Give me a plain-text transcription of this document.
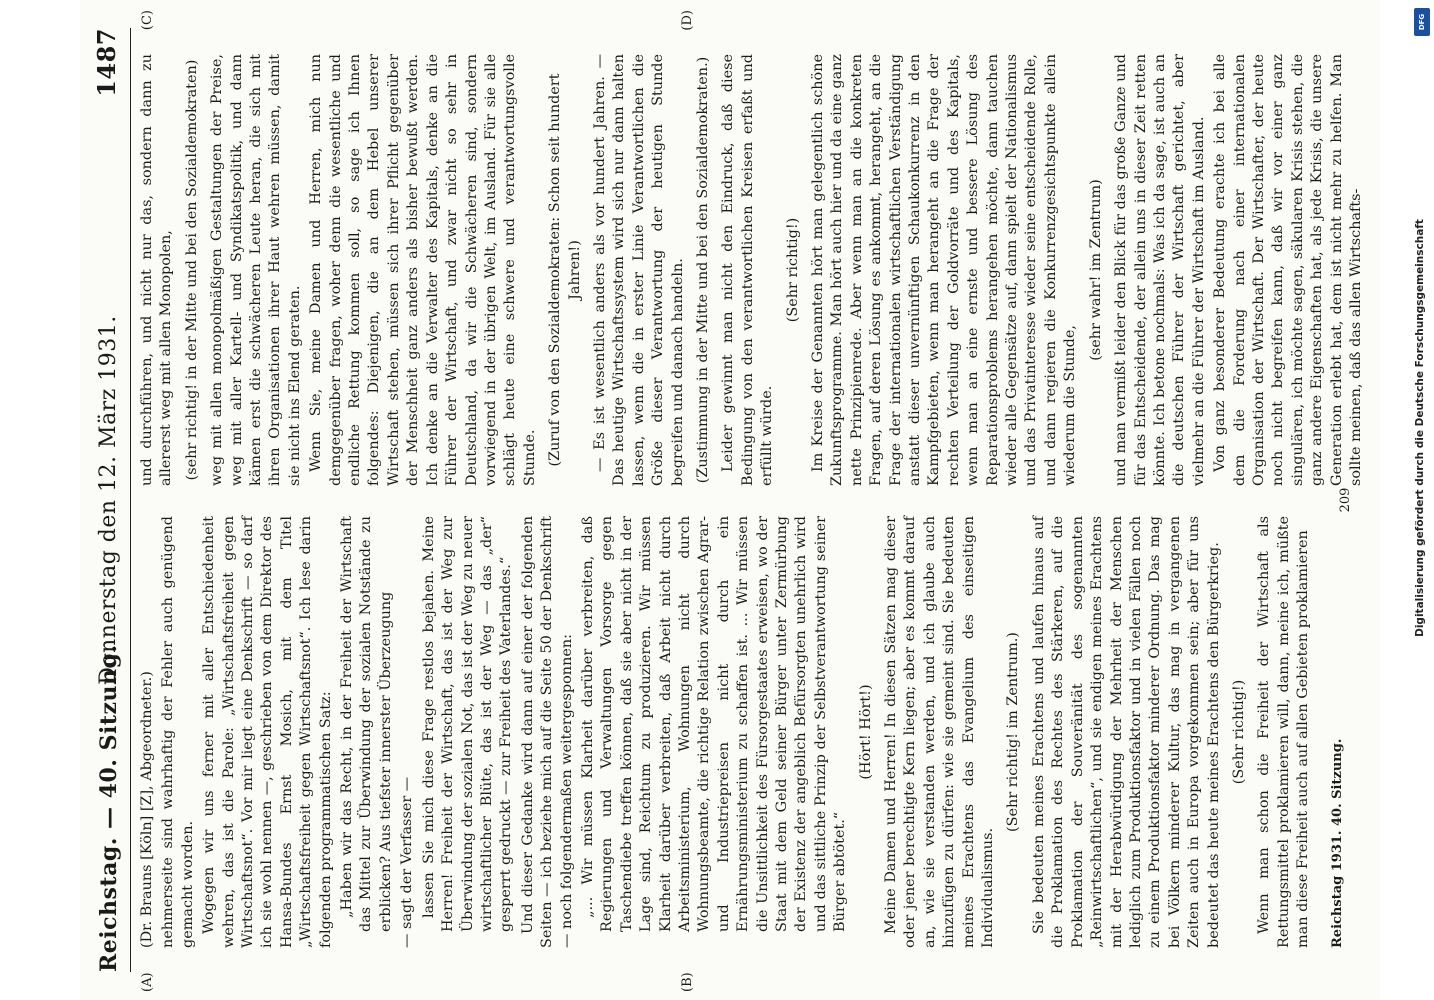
Reichstag. — 40. Sitzung.
Donnerstag den 12. März 1931.
1487
(A)	(B)
(C)	(D)

(Dr. Brauns [Köln] [Z], Abgeordneter.) nehmerseite sind wahrhaftig der Fehler auch genügend gemacht worden. Wogegen wir uns ferner mit aller Entschiedenheit wehren, das ist die Parole: „Wirtschaftsfreiheit gegen Wirtschaftsnot“. Vor mir liegt eine Denkschrift — so darf ich sie wohl nennen —, geschrieben von dem Direktor des Hansa-Bundes Ernst Mosich, mit dem Titel „Wirtschaftsfreiheit gegen Wirtschaftsnot“. Ich lese darin folgenden programmatischen Satz: „Haben wir das Recht, in der Freiheit der Wirtschaft das Mittel zur Überwindung der sozialen Notstände zu erblicken? Aus tiefster innerster Überzeugung — sagt der Verfasser — lassen Sie mich diese Frage restlos bejahen. Meine Herren! Freiheit der Wirtschaft, das ist der Weg zur Überwindung der sozialen Not, das ist der Weg zu neuer wirtschaftlicher Blüte, das ist der Weg — das „der“ gesperrt gedruckt — zur Freiheit des Vaterlandes.“ Und dieser Gedanke wird dann auf einer der folgenden Seiten — ich beziehe mich auf die Seite 50 der Denkschrift — noch folgendermaßen weitergesponnen: „... Wir müssen Klarheit darüber verbreiten, daß Regierungen und Verwaltungen Vorsorge gegen Taschendiebe treffen können, daß sie aber nicht in der Lage sind, Reichtum zu produzieren. Wir müssen Klarheit darüber verbreiten, daß Arbeit nicht durch Arbeitsministerium, Wohnungen nicht durch Wohnungsbeamte, die richtige Relation zwischen Agrar- und Industriepreisen nicht durch ein Ernährungsministerium zu schaffen ist. ... Wir müssen die Unsittlichkeit des Fürsorgestaates erweisen, wo der Staat mit dem Geld seiner Bürger unter Zermürbung der Existenz der angeblich Befürsorgten unehrlich wird und das sittliche Prinzip der Selbstverantwortung seiner Bürger abtötet.“

(Hört! Hört!) Meine Damen und Herren! In diesen Sätzen mag dieser oder jener berechtigte Kern liegen; aber es kommt darauf an, wie sie verstanden werden, und ich glaube auch hinzufügen zu dürfen: wie sie gemeint sind. Sie bedeuten meines Erachtens das Evangelium des einseitigen Individualismus.

(Sehr richtig! im Zentrum.) Sie bedeuten meines Erachtens und laufen hinaus auf die Proklamation des Rechtes des Stärkeren, auf die Proklamation der Souveränität des sogenannten „Reinwirtschaftlichen“, und sie endigen meines Erachtens mit der Herabwürdigung der Mehrheit der Menschen lediglich zum Produktionsfaktor und in vielen Fällen noch zu einem Produktionsfaktor minderer Ordnung. Das mag bei Völkern minderer Kultur, das mag in vergangenen Zeiten auch in Europa vorgekommen sein; aber für uns bedeutet das heute meines Erachtens den Bürgerkrieg. (Sehr richtig!) Wenn man schon die Freiheit der Wirtschaft als Rettungsmittel proklamieren will, dann, meine ich, müßte man diese Freiheit auch auf allen Gebieten proklamieren

und durchführen, und nicht nur das, sondern dann zu allererst weg mit allen Monopolen, (sehr richtig! in der Mitte und bei den Sozialdemokraten) weg mit allen monopolmäßigen Gestaltungen der Preise, weg mit aller Kartell- und Syndikatspolitik, und dann kämen erst die schwächeren Leute heran, die sich mit ihren Organisationen ihrer Haut wehren müssen, damit sie nicht ins Elend geraten. Wenn Sie, meine Damen und Herren, mich nun demgegenüber fragen, woher denn die wesentliche und endliche Rettung kommen soll, so sage ich Ihnen folgendes: Diejenigen, die an dem Hebel unserer Wirtschaft stehen, müssen sich ihrer Pflicht gegenüber der Menschheit ganz anders als bisher bewußt werden. Ich denke an die Verwalter des Kapitals, denke an die Führer der Wirtschaft, und zwar nicht so sehr in Deutschland, da wir die Schwächeren sind, sondern vorwiegend in der übrigen Welt, im Ausland. Für sie alle schlägt heute eine schwere und verantwortungsvolle Stunde. (Zuruf von den Sozialdemokraten: Schon seit hundert Jahren!) — Es ist wesentlich anders als vor hundert Jahren. — Das heutige Wirtschaftssystem wird sich nur dann halten lassen, wenn die in erster Linie Verantwortlichen die Größe dieser Verantwortung der heutigen Stunde begreifen und danach handeln. (Zustimmung in der Mitte und bei den Sozialdemokraten.) Leider gewinnt man nicht den Eindruck, daß diese Bedingung von den verantwortlichen Kreisen erfaßt und erfüllt würde.

(Sehr richtig!) Im Kreise der Genannten hört man gelegentlich schöne Zukunftsprogramme. Man hört auch hier und da eine ganz nette Prinzipienrede. Aber wenn man an die konkreten Fragen, auf deren Lösung es ankommt, herangeht, an die Frage der internationalen wirtschaftlichen Verständigung anstatt dieser unvernünftigen Schaukonkurrenz in den Kampfgebieten, wenn man herangeht an die Frage der rechten Verteilung der Goldvorräte und des Kapitals, wenn man an eine ernste und bessere Lösung des Reparationsproblems herangehen möchte, dann tauchen wieder alle Gegensätze auf, dann spielt der Nationalismus und das Privatinteresse wieder seine entscheidende Rolle, und dann regieren die Konkurrenzgesichtspunkte allein wiederum die Stunde,

(sehr wahr! im Zentrum) und man vermißt leider den Blick für das große Ganze und für das Entscheidende, der allein uns in dieser Zeit retten könnte. Ich betone nochmals: Was ich da sage, ist auch an die deutschen Führer der Wirtschaft gerichtet, aber vielmehr an die Führer der Wirtschaft im Ausland. Von ganz besonderer Bedeutung erachte ich bei alle dem die Forderung nach einer internationalen Organisation der Wirtschaft. Der Wirtschafter, der heute noch nicht begreifen kann, daß wir vor einer ganz singulären, ich möchte sagen, säkularen Krisis stehen, die ganz andere Eigenschaften hat, als jede Krisis, die unsere Generation erlebt hat, dem ist nicht mehr zu helfen. Man sollte meinen, daß das allen Wirtschafts-

Reichstag 1931. 40. Sitzung.
209	Digitalisierung gefördert durch die Deutsche Forschungsgemeinschaft
DFG
